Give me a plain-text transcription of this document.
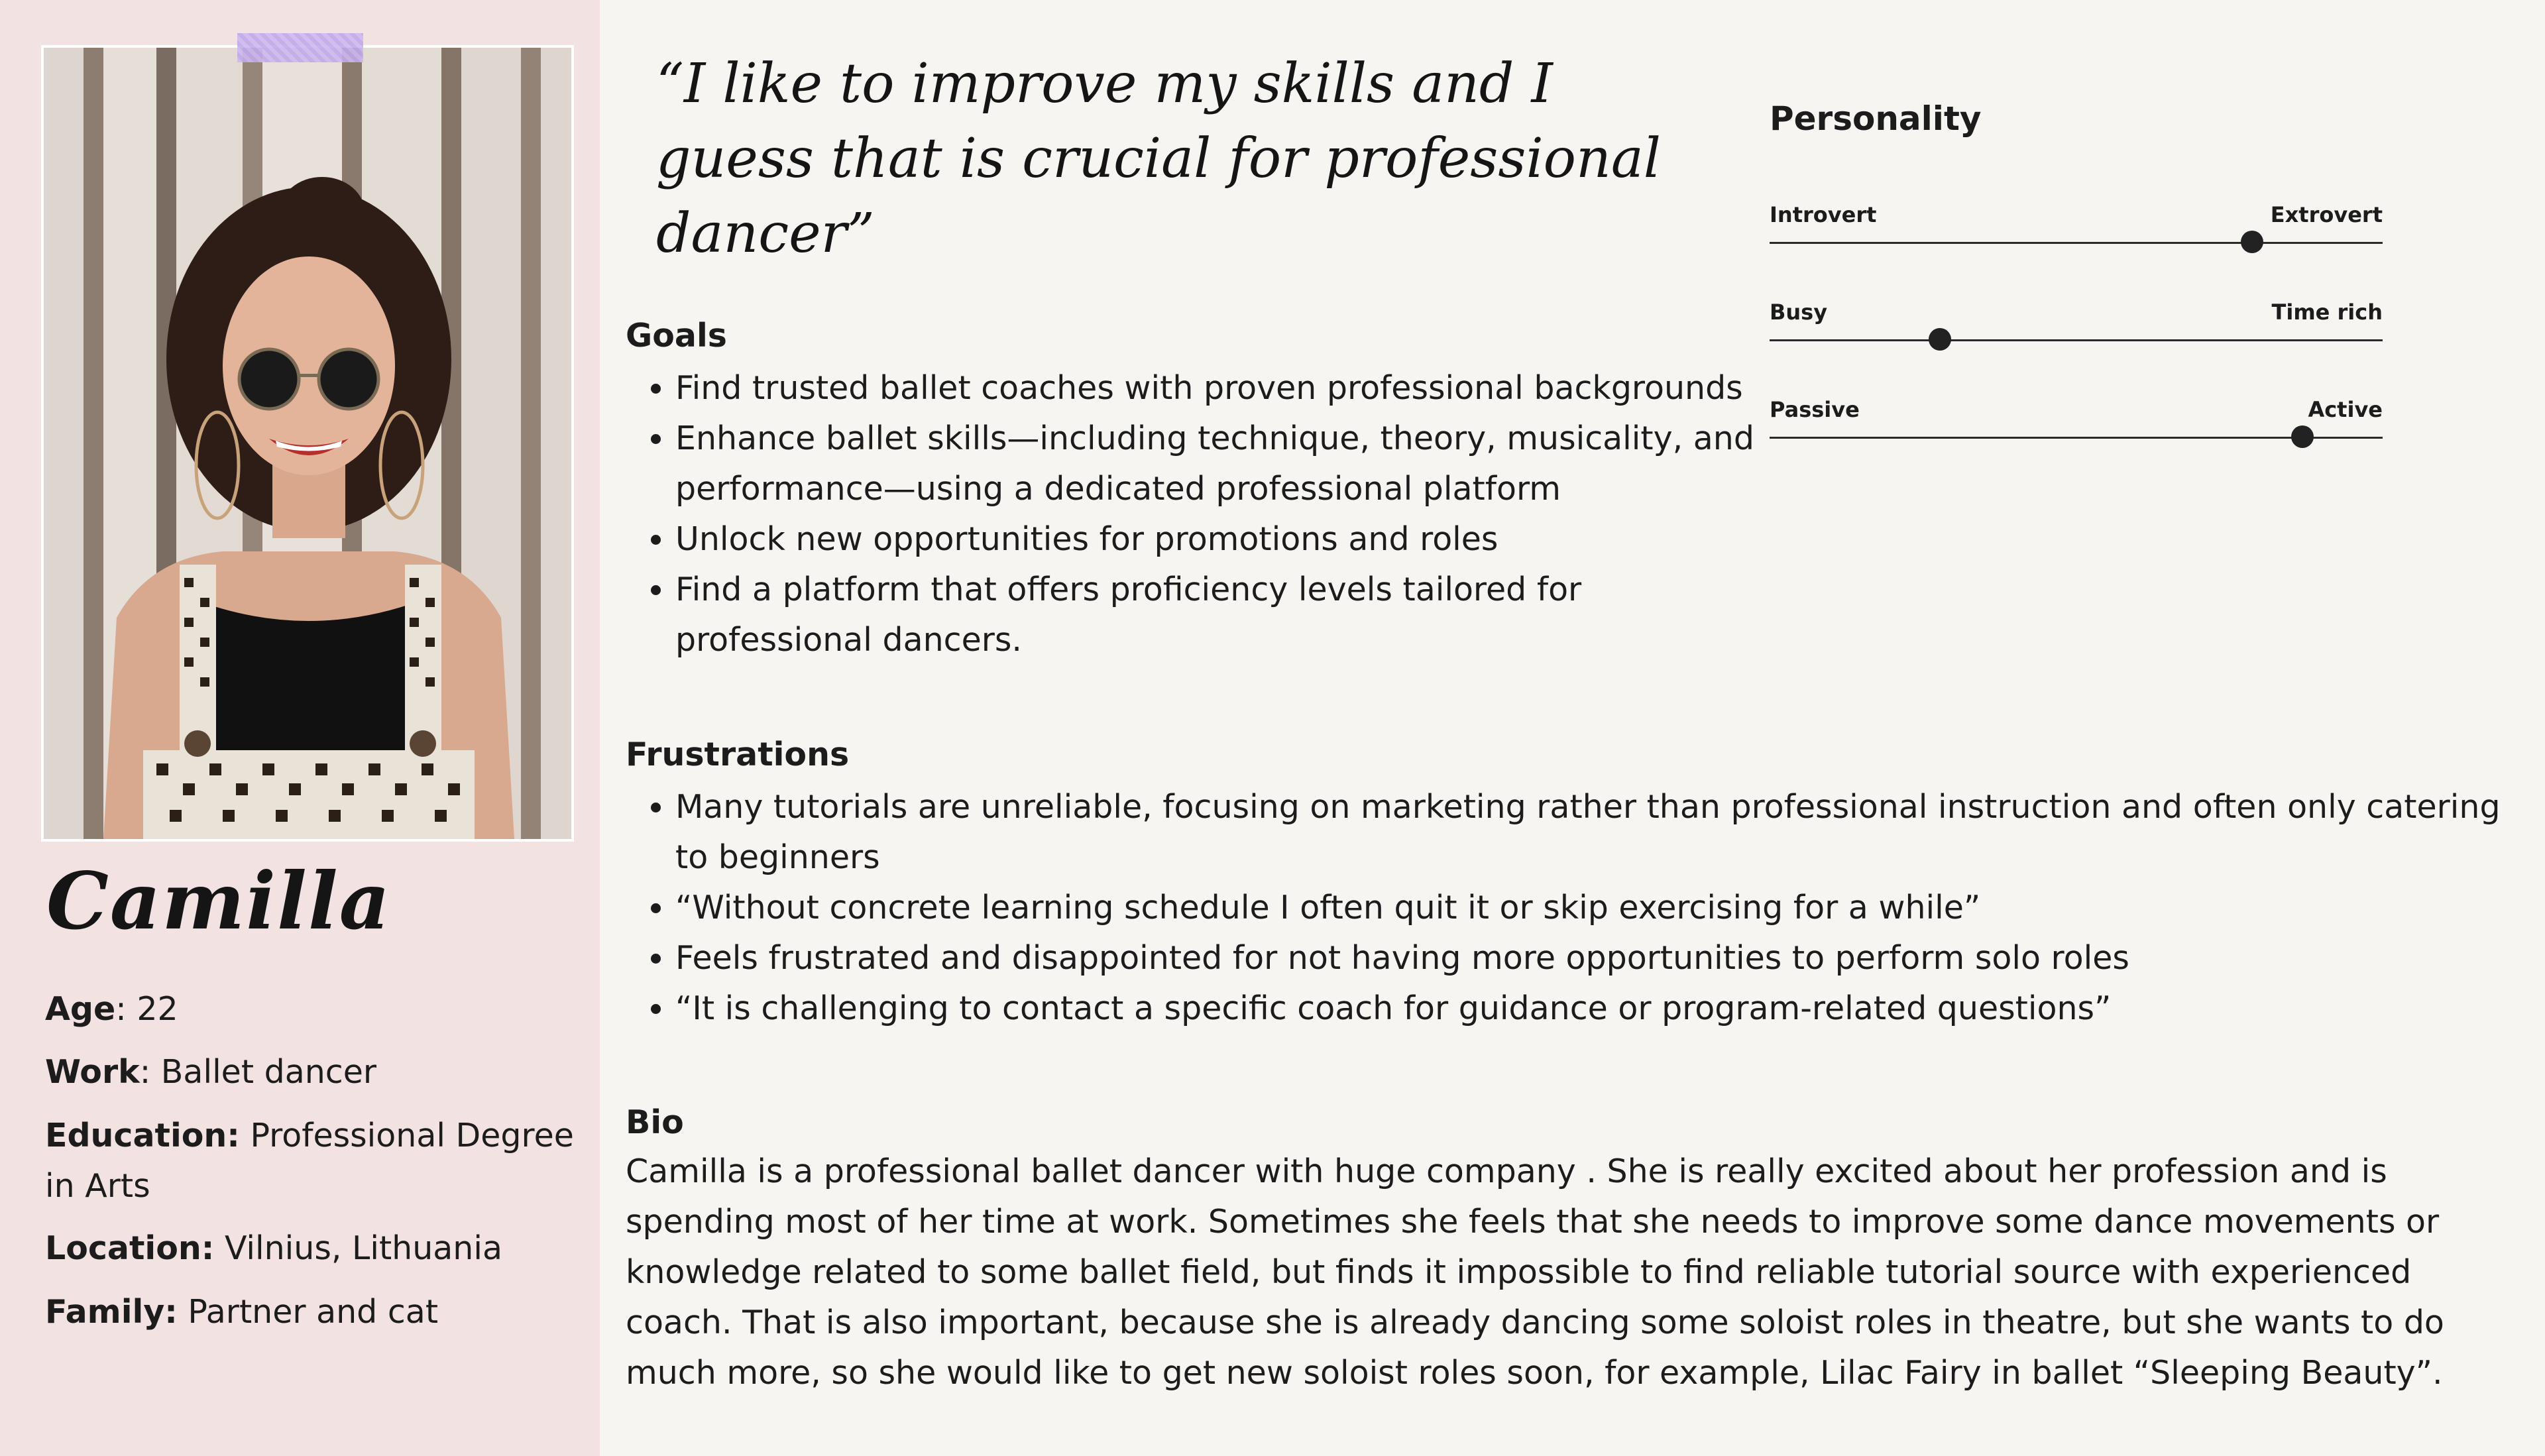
Camilla
Age: 22
Work: Ballet dancer
Education: Professional Degree in Arts
Location: Vilnius, Lithuania
Family: Partner and cat
“I like to improve my skills and I guess that is crucial for professional dancer”
Goals
• Find trusted ballet coaches with proven professional backgrounds
• Enhance ballet skills—including technique, theory, musicality, and performance—using a dedicated professional platform
• Unlock new opportunities for promotions and roles
• Find a platform that offers proficiency levels tailored for professional dancers.
Frustrations
• Many tutorials are unreliable, focusing on marketing rather than professional instruction and often only catering to beginners
• “Without concrete learning schedule I often quit it or skip exercising for a while”
• Feels frustrated and disappointed for not having more opportunities to perform solo roles
• “It is challenging to contact a specific coach for guidance or program-related questions”
Bio

Camilla is a professional ballet dancer with huge company . She is really excited about her profession and is spending most of her time at work. Sometimes she feels that she needs to improve some dance movements or knowledge related to some ballet field, but finds it impossible to find reliable tutorial source with experienced coach. That is also important, because she is already dancing some soloist roles in theatre, but she wants to do much more, so she would like to get new soloist roles soon, for example, Lilac Fairy in ballet “Sleeping Beauty”.

Personality
Introvert	Extrovert
Busy	Time rich
Passive	Active
